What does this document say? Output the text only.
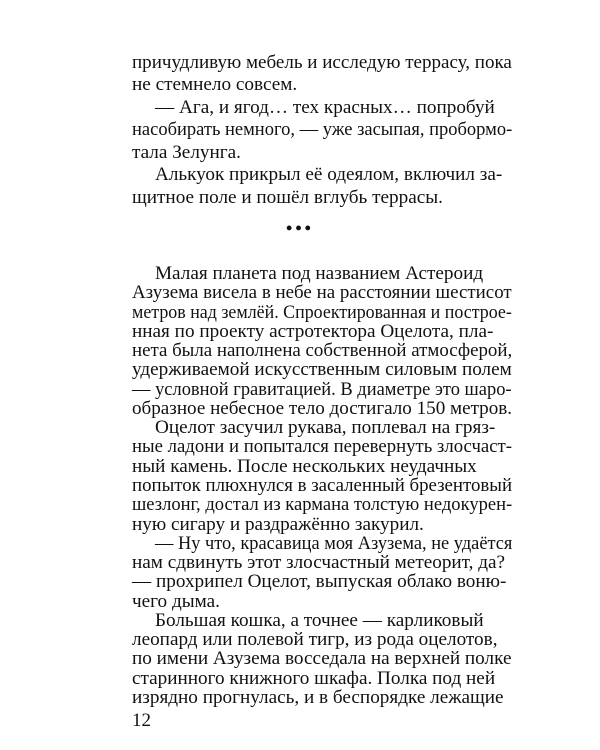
причудливую мебель и исследую террасу, пока
не стемнело совсем.
— Ага, и ягод… тех красных… попробуй
насобирать немного, — уже засыпая, пробормо-
тала Зелунга.
Алькуок прикрыл её одеялом, включил за-
щитное поле и пошёл вглубь террасы.
•••
Малая планета под названием Астероид
Азузема висела в небе на расстоянии шестисот
метров над землёй. Спроектированная и построе-
нная по проекту астротектора Оцелота, пла-
нета была наполнена собственной атмосферой,
удерживаемой искусственным силовым полем
— условной гравитацией. В диаметре это шаро-
образное небесное тело достигало 150 метров.
Оцелот засучил рукава, поплевал на гряз-
ные ладони и попытался перевернуть злосчаст-
ный камень. После нескольких неудачных
попыток плюхнулся в засаленный брезентовый
шезлонг, достал из кармана толстую недокурен-
ную сигару и раздражённо закурил.
— Ну что, красавица моя Азузема, не удаётся
нам сдвинуть этот злосчастный метеорит, да?
— прохрипел Оцелот, выпуская облако воню-
чего дыма.
Большая кошка, а точнее — карликовый
леопард или полевой тигр, из рода оцелотов,
по имени Азузема восседала на верхней полке
старинного книжного шкафа. Полка под ней
изрядно прогнулась, и в беспорядке лежащие
12
